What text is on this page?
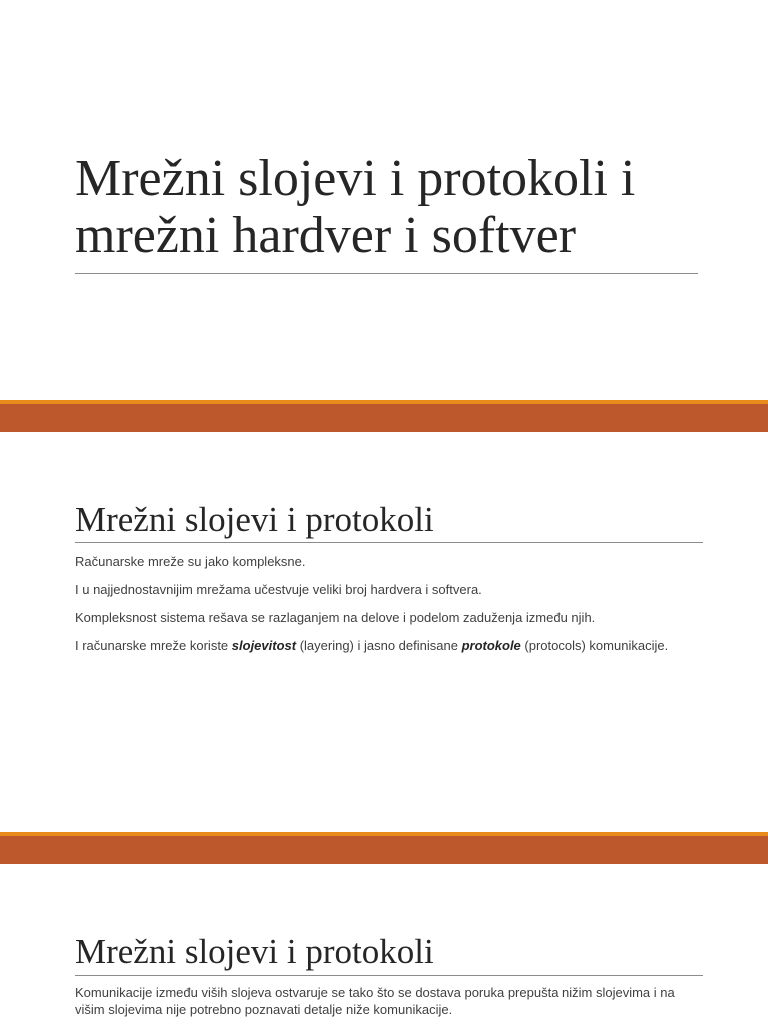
Mrežni slojevi i protokoli i
mrežni hardver i softver
Mrežni slojevi i protokoli
Računarske mreže su jako kompleksne.
I u najjednostavnijim mrežama učestvuje veliki broj hardvera i softvera.
Kompleksnost sistema rešava se razlaganjem na delove i podelom zaduženja između njih.
I računarske mreže koriste slojevitost (layering) i jasno definisane protokole (protocols) komunikacije.
Mrežni slojevi i protokoli
Komunikacije između viših slojeva ostvaruje se tako što se dostava poruka prepušta nižim slojevima i na višim slojevima nije potrebno poznavati detalje niže komunikacije.
